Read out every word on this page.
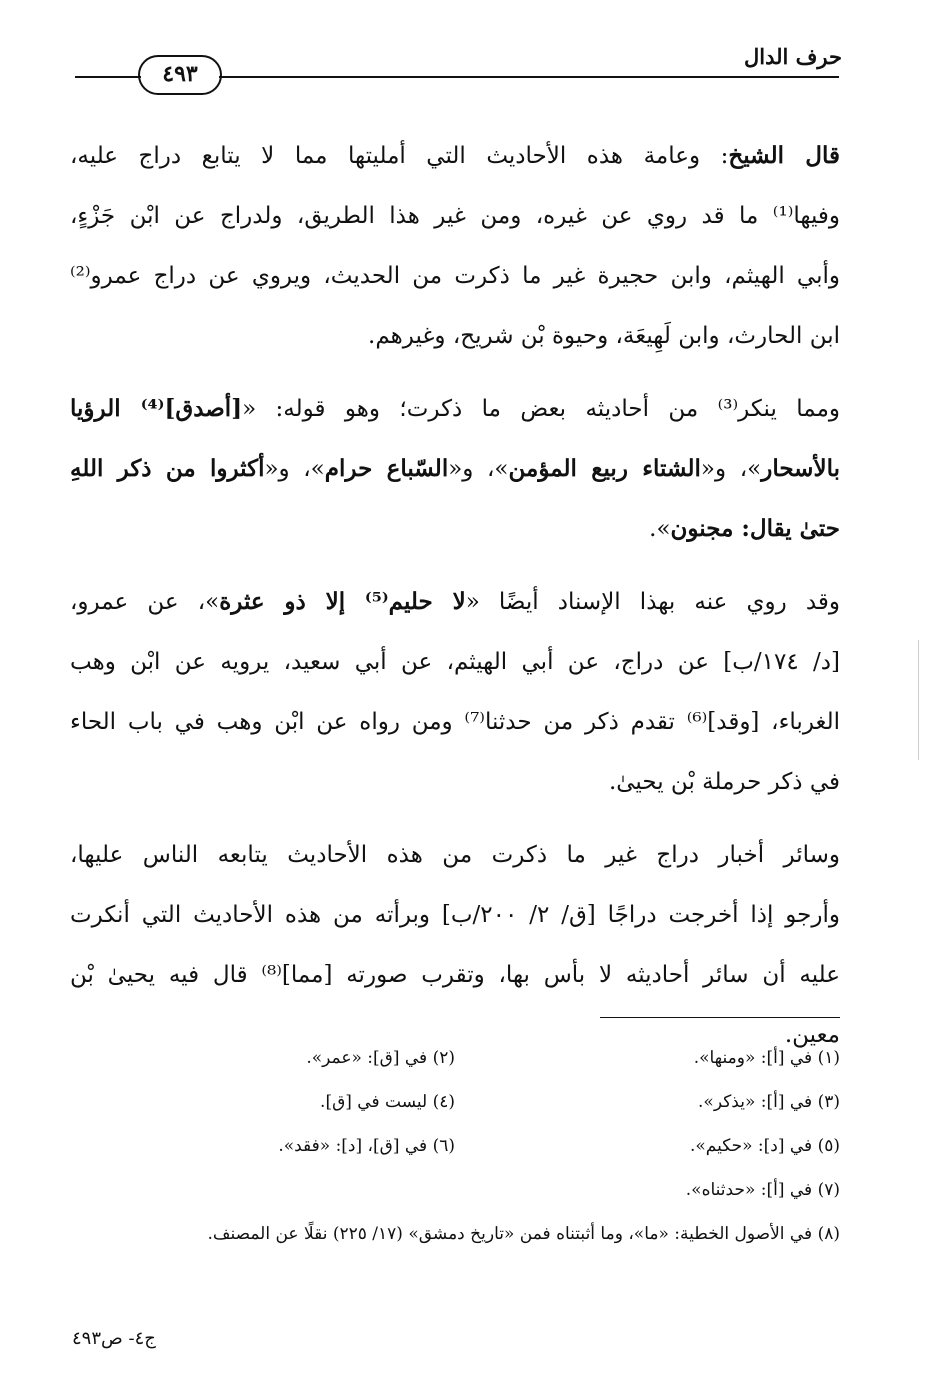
حرف الدال
٤٩٣

قال الشيخ: وعامة هذه الأحاديث التي أمليتها مما لا يتابع دراج عليه،

وفيها⁽¹⁾ ما قد روي عن غيره، ومن غير هذا الطريق، ولدراج عن ابْن جَزْءٍ،

وأبي الهيثم، وابن حجيرة غير ما ذكرت من الحديث، ويروي عن دراج عمرو⁽²⁾

ابن الحارث، وابن لَهِيعَة، وحيوة بْن شريح، وغيرهم.

ومما ينكر⁽³⁾ من أحاديثه بعض ما ذكرت؛ وهو قوله: «[أصدق]⁽⁴⁾ الرؤيا

بالأسحار»، و«الشتاء ربيع المؤمن»، و«السّباع حرام»، و«أكثروا من ذكر اللهِ

حتىٰ يقال: مجنون».

وقد روي عنه بهذا الإسناد أيضًا «لا حليم⁽⁵⁾ إلا ذو عثرة»، عن عمرو،

[د/ ١٧٤/ب] عن دراج، عن أبي الهيثم، عن أبي سعيد، يرويه عن ابْن وهب

الغرباء، [وقد]⁽⁶⁾ تقدم ذكر من حدثنا⁽⁷⁾ ومن رواه عن ابْن وهب في باب الحاء

في ذكر حرملة بْن يحيىٰ.

وسائر أخبار دراج غير ما ذكرت من هذه الأحاديث يتابعه الناس عليها،

وأرجو إذا أخرجت دراجًا [ق/ ٢/ ٢٠٠/ب] وبرأته من هذه الأحاديث التي أنكرت

عليه أن سائر أحاديثه لا بأس بها، وتقرب صورته [مما]⁽⁸⁾ قال فيه يحيىٰ بْن

معين.

(١) في [أ]: «ومنها».
(٢) في [ق]: «عمر».
(٣) في [أ]: «يذكر».
(٤) ليست في [ق].
(٥) في [د]: «حكيم».
(٦) في [ق]، [د]: «فقد».
(٧) في [أ]: «حدثناه».
(٨) في الأصول الخطية: «ما»، وما أثبتناه فمن «تاريخ دمشق» (١٧/ ٢٢٥) نقلًا عن المصنف.
ج٤- ص٤٩٣
